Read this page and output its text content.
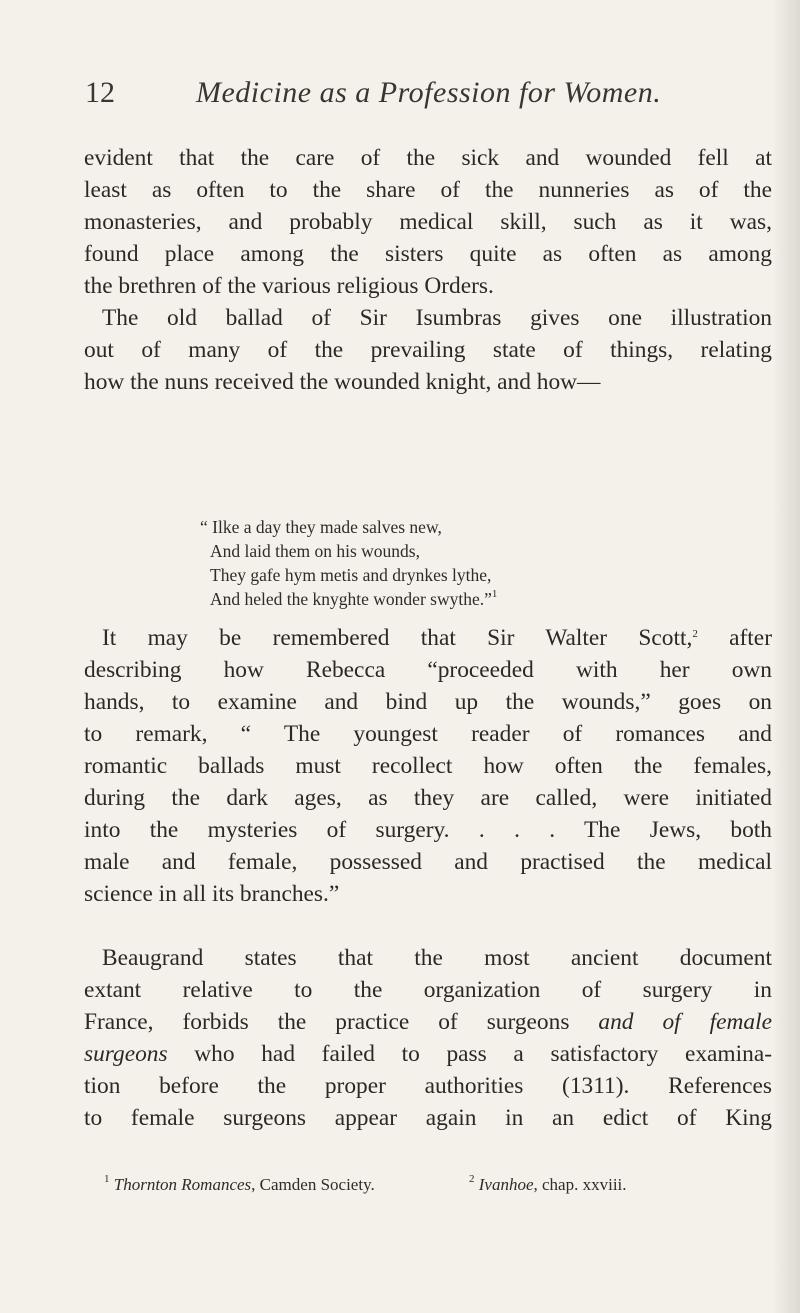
12	Medicine as a Profession for Women.
evident that the care of the sick and wounded fell at
least as often to the share of the nunneries as of the
monasteries, and probably medical skill, such as it was,
found place among the sisters quite as often as among
the brethren of the various religious Orders.
The old ballad of Sir Isumbras gives one illustration
out of many of the prevailing state of things, relating
how the nuns received the wounded knight, and how—
“ Ilke a day they made salves new,
And laid them on his wounds,
They gafe hym metis and drynkes lythe,
And heled the knyghte wonder swythe.”$^1$
It may be remembered that Sir Walter Scott,$^2$ after
describing how Rebecca “proceeded with her own
hands, to examine and bind up the wounds,” goes on
to remark, “ The youngest reader of romances and
romantic ballads must recollect how often the females,
during the dark ages, as they are called, were initiated
into the mysteries of surgery. . . . The Jews, both
male and female, possessed and practised the medical
science in all its branches.”
Beaugrand states that the most ancient document
extant relative to the organization of surgery in
France, forbids the practice of surgeons and of female
surgeons who had failed to pass a satisfactory examina-
tion before the proper authorities (1311). References
to female surgeons appear again in an edict of King
$^1$ Thornton Romances, Camden Society.	$^2$ Ivanhoe, chap. xxviii.
